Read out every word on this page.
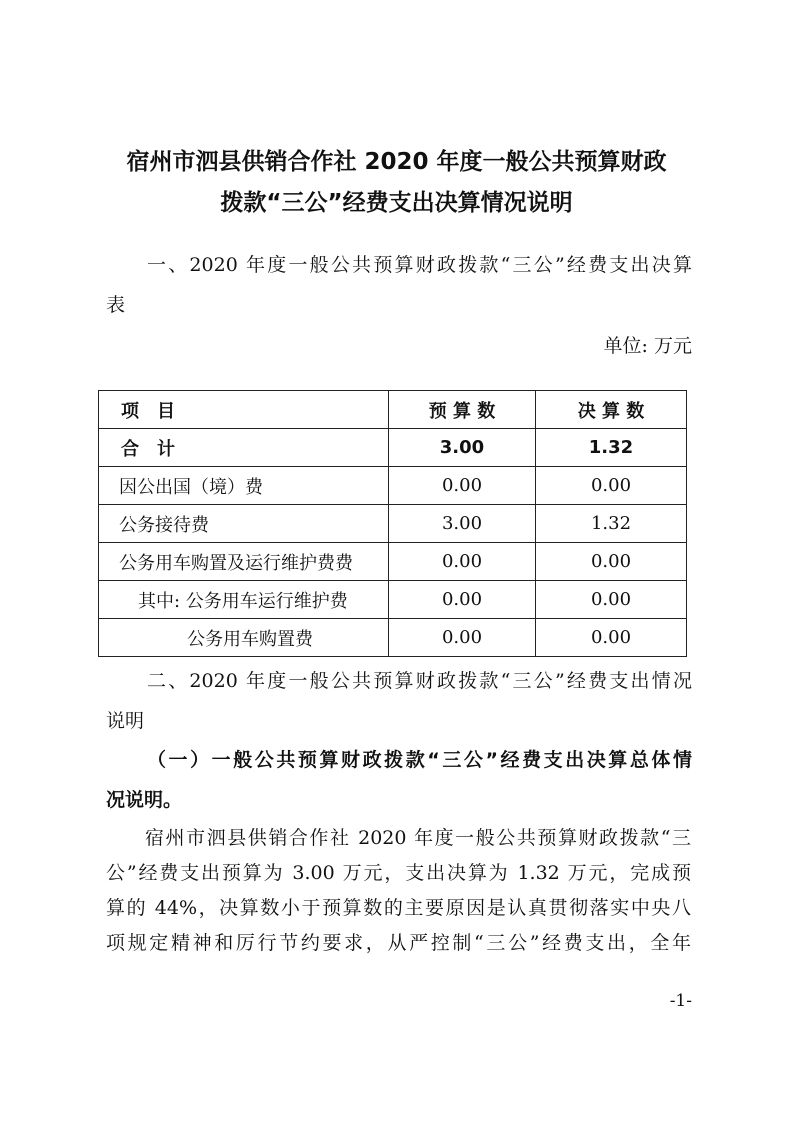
宿州市泗县供销合作社 2020 年度一般公共预算财政
拨款“三公”经费支出决算情况说明
一、2020 年度一般公共预算财政拨款“三公”经费支出决算
表
单位: 万元
项　目	预 算 数	决 算 数
合　计	3.00	1.32
因公出国（境）费	0.00	0.00
公务接待费	3.00	1.32
公务用车购置及运行维护费费	0.00	0.00
其中: 公务用车运行维护费	0.00	0.00
公务用车购置费	0.00	0.00
二、2020 年度一般公共预算财政拨款“三公”经费支出情况
说明
（一）一般公共预算财政拨款“三公”经费支出决算总体情
况说明。
宿州市泗县供销合作社 2020 年度一般公共预算财政拨款“三
公”经费支出预算为 3.00 万元，支出决算为 1.32 万元，完成预
算的 44%，决算数小于预算数的主要原因是认真贯彻落实中央八
项规定精神和厉行节约要求，从严控制“三公”经费支出，全年
-1-
